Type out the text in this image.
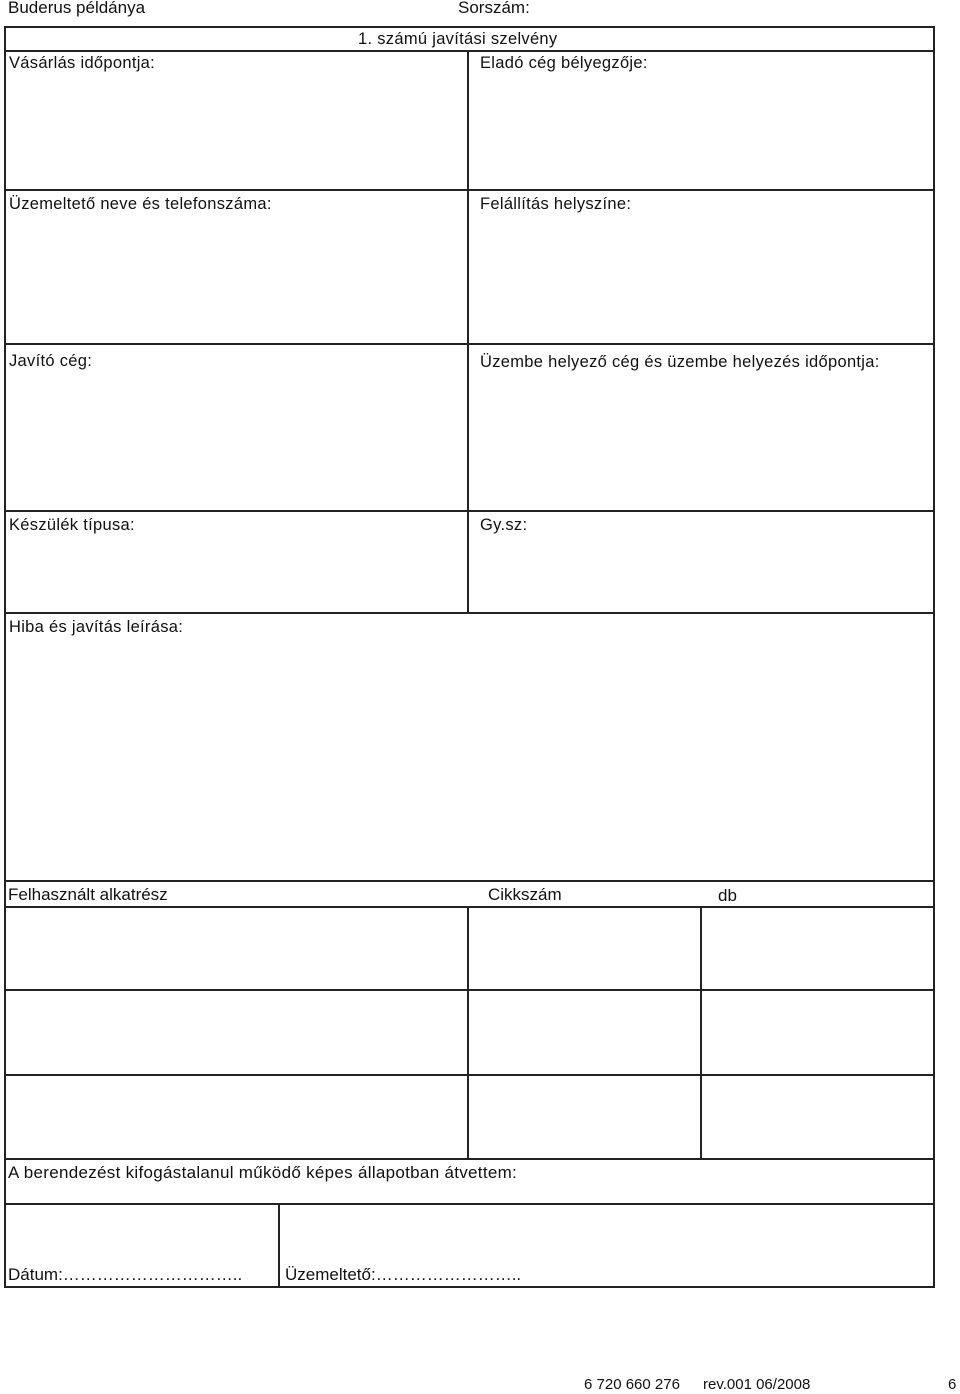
Buderus példánya	Sorszám:
1. számú javítási szelvény
Vásárlás időpontja:	Eladó cég bélyegzője:
Üzemeltető neve és telefonszáma:	Felállítás helyszíne:
Javító cég:	Üzembe helyező cég és üzembe helyezés időpontja:
Készülék típusa:	Gy.sz:
Hiba és javítás leírása:
Felhasznált alkatrész	Cikkszám	db
A berendezést kifogástalanul működő képes állapotban átvettem:
Dátum:…………………………..	Üzemeltető:……………………..
6 720 660 276 rev.001 06/2008	6
